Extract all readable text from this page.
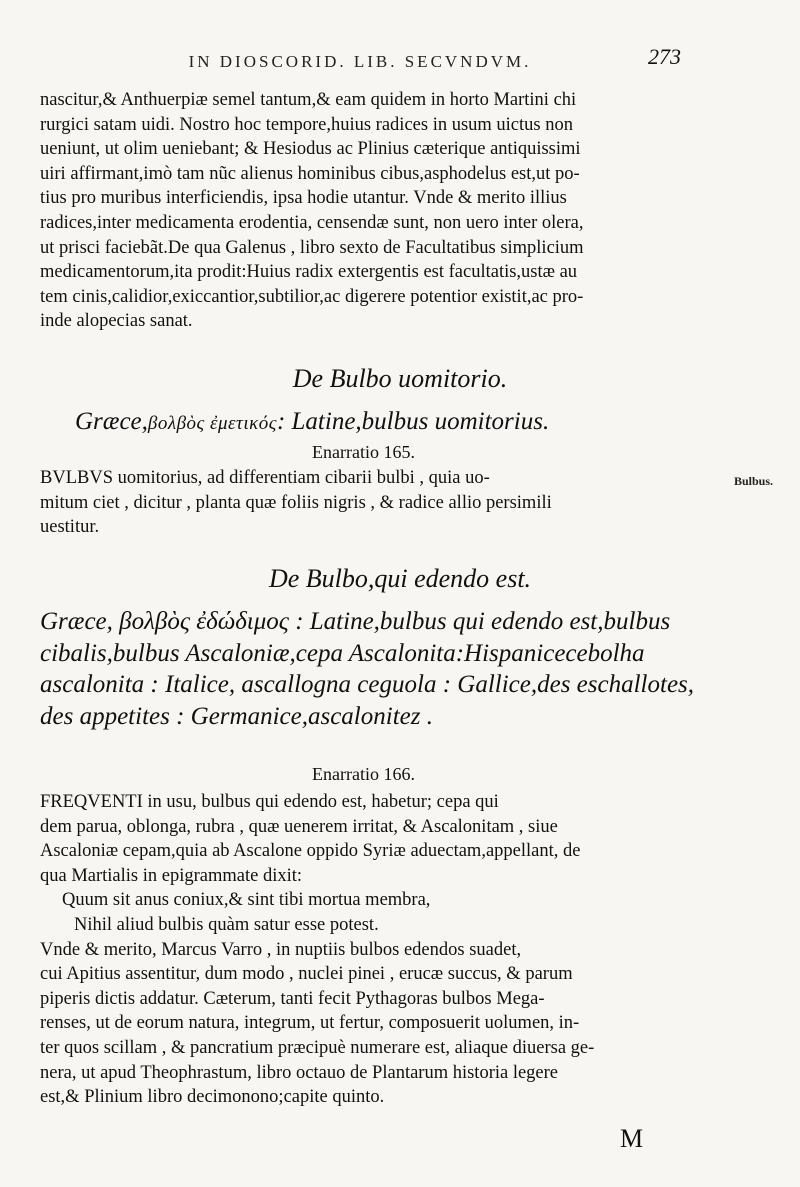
IN DIOSCORID. LIB. SECVNDVM.	273
nascitur,& Anthuerpiæ semel tantum,& eam quidem in horto Martini chi
rurgici satam uidi. Nostro hoc tempore,huius radices in usum uictus non
ueniunt, ut olim ueniebant; & Hesiodus ac Plinius cæterique antiquissimi
uiri affirmant,imò tam nũc alienus hominibus cibus,asphodelus est,ut po-
tius pro muribus interficiendis, ipsa hodie utantur. Vnde & merito illius
radices,inter medicamenta erodentia, censendæ sunt, non uero inter olera,
ut prisci faciebãt.De qua Galenus , libro sexto de Facultatibus simplicium
medicamentorum,ita prodit:Huius radix extergentis est facultatis,ustæ au
tem cinis,calidior,exiccantior,subtilior,ac digerere potentior existit,ac pro-
inde alopecias sanat.
De Bulbo uomitorio.
Græce,βολβὸς ἐμετικός: Latine,bulbus uomitorius.
Enarratio 165.
BVLBVS uomitorius, ad differentiam cibarii bulbi , quia uo-
mitum ciet , dicitur , planta quæ foliis nigris , & radice allio persimili
uestitur.
Bulbus.
De Bulbo,qui edendo est.
Græce, βολβὸς ἐδώδιμος : Latine,bulbus qui edendo est,bulbus
cibalis,bulbus Ascaloniæ,cepa Ascalonita:Hispanicecebolha
ascalonita : Italice, ascallogna ceguola : Gallice,des eschallotes,
des appetites : Germanice,ascalonitez .
Enarratio 166.
FREQVENTI in usu, bulbus qui edendo est, habetur; cepa qui
dem parua, oblonga, rubra , quæ uenerem irritat, & Ascalonitam , siue
Ascaloniæ cepam,quia ab Ascalone oppido Syriæ aduectam,appellant, de
qua Martialis in epigrammate dixit:
Quum sit anus coniux,& sint tibi mortua membra,
Nihil aliud bulbis quàm satur esse potest.
Vnde & merito, Marcus Varro , in nuptiis bulbos edendos suadet,
cui Apitius assentitur, dum modo , nuclei pinei , erucæ succus, & parum
piperis dictis addatur. Cæterum, tanti fecit Pythagoras bulbos Mega-
renses, ut de eorum natura, integrum, ut fertur, composuerit uolumen, in-
ter quos scillam , & pancratium præcipuè numerare est, aliaque diuersa ge-
nera, ut apud Theophrastum, libro octauo de Plantarum historia legere
est,& Plinium libro decimonono;capite quinto.
M
